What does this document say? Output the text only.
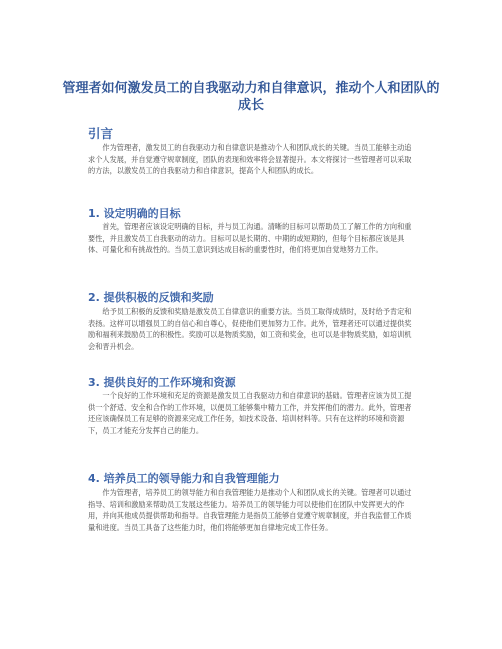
管理者如何激发员工的自我驱动力和自律意识，推动个人和团队的成长
引言

作为管理者，激发员工的自我驱动力和自律意识是推动个人和团队成长的关键。当员工能够主动追求个人发展，并自觉遵守规章制度，团队的表现和效率将会显著提升。本文将探讨一些管理者可以采取的方法，以激发员工的自我驱动力和自律意识，提高个人和团队的成长。

1. 设定明确的目标

首先，管理者应该设定明确的目标，并与员工沟通。清晰的目标可以帮助员工了解工作的方向和重要性，并且激发员工自我驱动的动力。目标可以是长期的、中期的或短期的，但每个目标都应该是具体、可量化和有挑战性的。当员工意识到达成目标的重要性时，他们将更加自觉地努力工作。

2. 提供积极的反馈和奖励

给予员工积极的反馈和奖励是激发员工自律意识的重要方法。当员工取得成绩时，及时给予肯定和表扬。这样可以增强员工的自信心和自尊心，促使他们更加努力工作。此外，管理者还可以通过提供奖励和福利来鼓励员工的积极性。奖励可以是物质奖励，如工资和奖金，也可以是非物质奖励，如培训机会和晋升机会。

3. 提供良好的工作环境和资源

一个良好的工作环境和充足的资源是激发员工自我驱动力和自律意识的基础。管理者应该为员工提供一个舒适、安全和合作的工作环境，以便员工能够集中精力工作，并发挥他们的潜力。此外，管理者还应该确保员工有足够的资源来完成工作任务，如技术设备、培训材料等。只有在这样的环境和资源下，员工才能充分发挥自己的能力。

4. 培养员工的领导能力和自我管理能力

作为管理者，培养员工的领导能力和自我管理能力是推动个人和团队成长的关键。管理者可以通过指导、培训和激励来帮助员工发展这些能力。培养员工的领导能力可以使他们在团队中发挥更大的作用，并向其他成员提供帮助和指导。自我管理能力是指员工能够自觉遵守规章制度，并自我监督工作质量和进度。当员工具备了这些能力时，他们将能够更加自律地完成工作任务。
